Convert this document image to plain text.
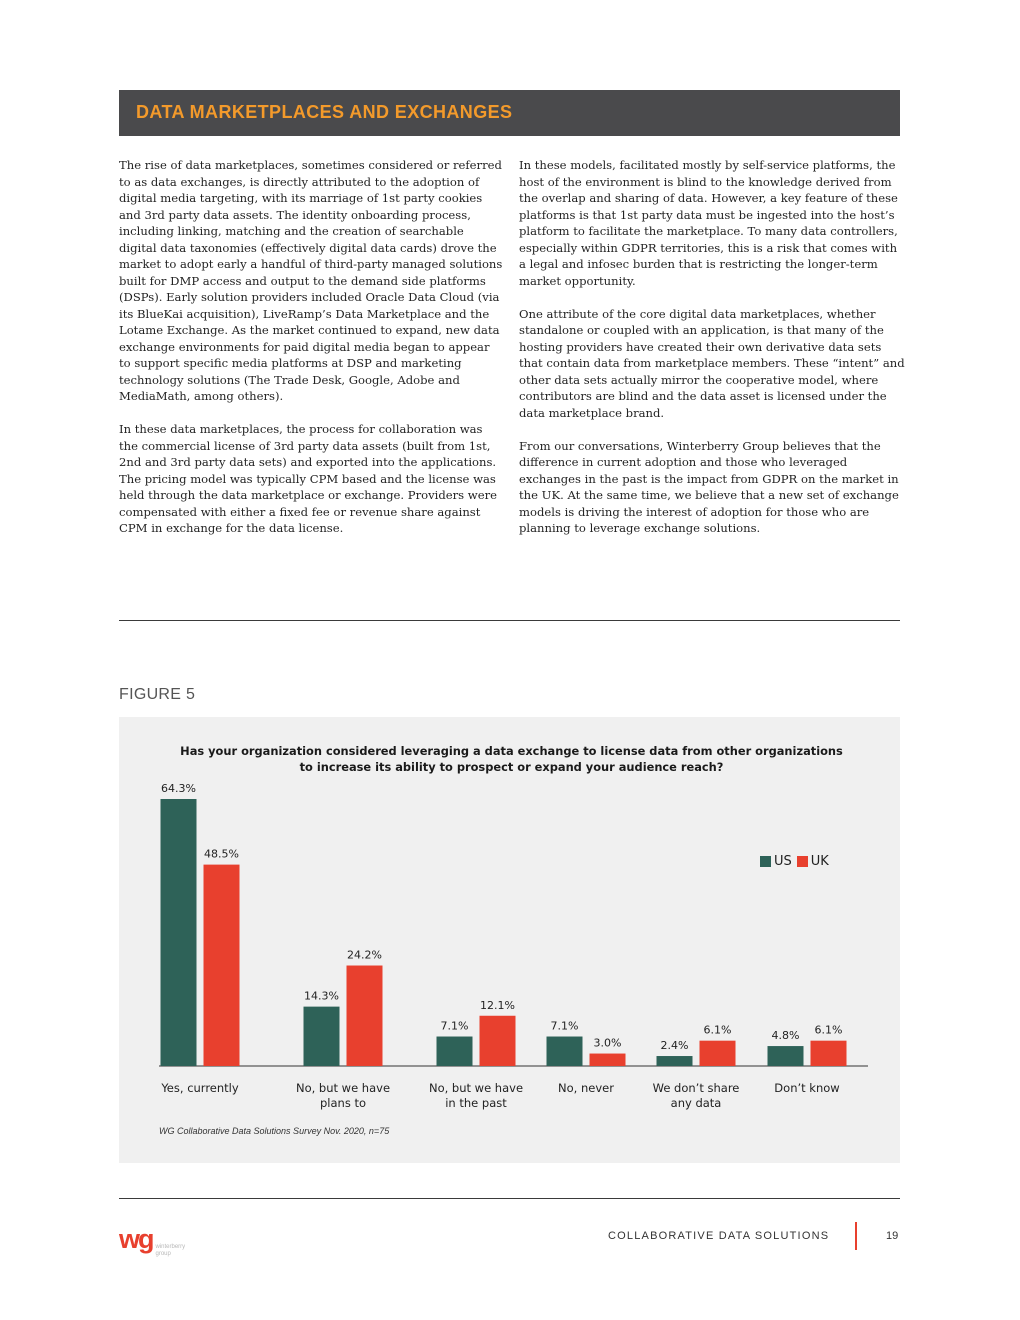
DATA MARKETPLACES AND EXCHANGES

The rise of data marketplaces, sometimes considered or referred to as data exchanges, is directly attributed to the adoption of digital media targeting, with its marriage of 1st party cookies and 3rd party data assets. The identity onboarding process, including linking, matching and the creation of searchable digital data taxonomies (effectively digital data cards) drove the market to adopt early a handful of third-party managed solutions built for DMP access and output to the demand side platforms (DSPs). Early solution providers included Oracle Data Cloud (via its BlueKai acquisition), LiveRamp’s Data Marketplace and the Lotame Exchange. As the market continued to expand, new data exchange environments for paid digital media began to appear to support specific media platforms at DSP and marketing technology solutions (The Trade Desk, Google, Adobe and MediaMath, among others).

In these data marketplaces, the process for collaboration was the commercial license of 3rd party data assets (built from 1st, 2nd and 3rd party data sets) and exported into the applications. The pricing model was typically CPM based and the license was held through the data marketplace or exchange. Providers were compensated with either a fixed fee or revenue share against CPM in exchange for the data license.

In these models, facilitated mostly by self-service platforms, the host of the environment is blind to the knowledge derived from the overlap and sharing of data. However, a key feature of these platforms is that 1st party data must be ingested into the host’s platform to facilitate the marketplace. To many data controllers, especially within GDPR territories, this is a risk that comes with a legal and infosec burden that is restricting the longer-term market opportunity.

One attribute of the core digital data marketplaces, whether standalone or coupled with an application, is that many of the hosting providers have created their own derivative data sets that contain data from marketplace members. These “intent” and other data sets actually mirror the cooperative model, where contributors are blind and the data asset is licensed under the data marketplace brand.

From our conversations, Winterberry Group believes that the difference in current adoption and those who leveraged exchanges in the past is the impact from GDPR on the market in the UK. At the same time, we believe that a new set of exchange models is driving the interest of adoption for those who are planning to leverage exchange solutions.

FIGURE 5
Has your organization considered leveraging a data exchange to license data from other organizations to increase its ability to prospect or expand your audience reach?
64.3%
48.5%
Yes, currently
14.3%
24.2%
No, but we have
plans to
7.1%
12.1%
No, but we have
in the past
7.1%
3.0%
No, never
2.4%
6.1%
We don’t share
any data
4.8% 6.1%
Don’t know
US UK
WG Collaborative Data Solutions Survey Nov. 2020, n=75
wg winterberry group
COLLABORATIVE DATA SOLUTIONS	19
